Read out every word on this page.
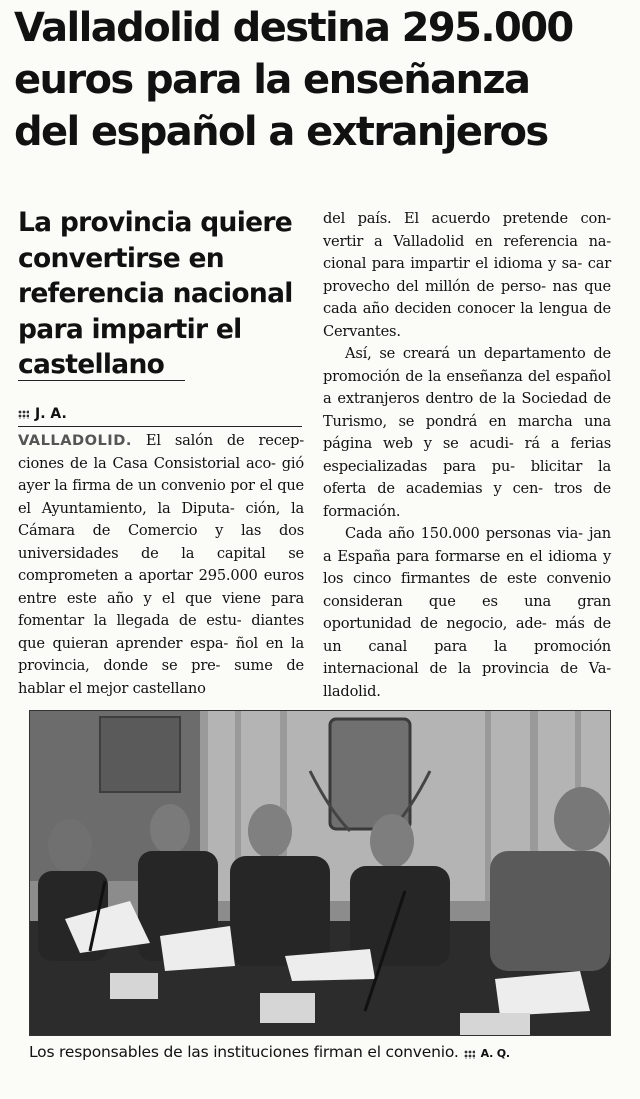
Valladolid destina 295.000
euros para la enseñanza
del español a extranjeros
La provincia quiere
convertirse en
referencia nacional
para impartir el
castellano
J. A.

VALLADOLID. El salón de recep- ciones de la Casa Consistorial aco- gió ayer la firma de un convenio por el que el Ayuntamiento, la Diputa- ción, la Cámara de Comercio y las dos universidades de la capital se comprometen a aportar 295.000 euros entre este año y el que viene para fomentar la llegada de estu- diantes que quieran aprender espa- ñol en la provincia, donde se pre- sume de hablar el mejor castellano

del país. El acuerdo pretende con- vertir a Valladolid en referencia na- cional para impartir el idioma y sa- car provecho del millón de perso- nas que cada año deciden conocer la lengua de Cervantes.

Así, se creará un departamento de promoción de la enseñanza del español a extranjeros dentro de la Sociedad de Turismo, se pondrá en marcha una página web y se acudi- rá a ferias especializadas para pu- blicitar la oferta de academias y cen- tros de formación.

Cada año 150.000 personas via- jan a España para formarse en el idioma y los cinco firmantes de este convenio consideran que es una gran oportunidad de negocio, ade- más de un canal para la promoción internacional de la provincia de Va- lladolid.

Los responsables de las instituciones firman el convenio. A. Q.
